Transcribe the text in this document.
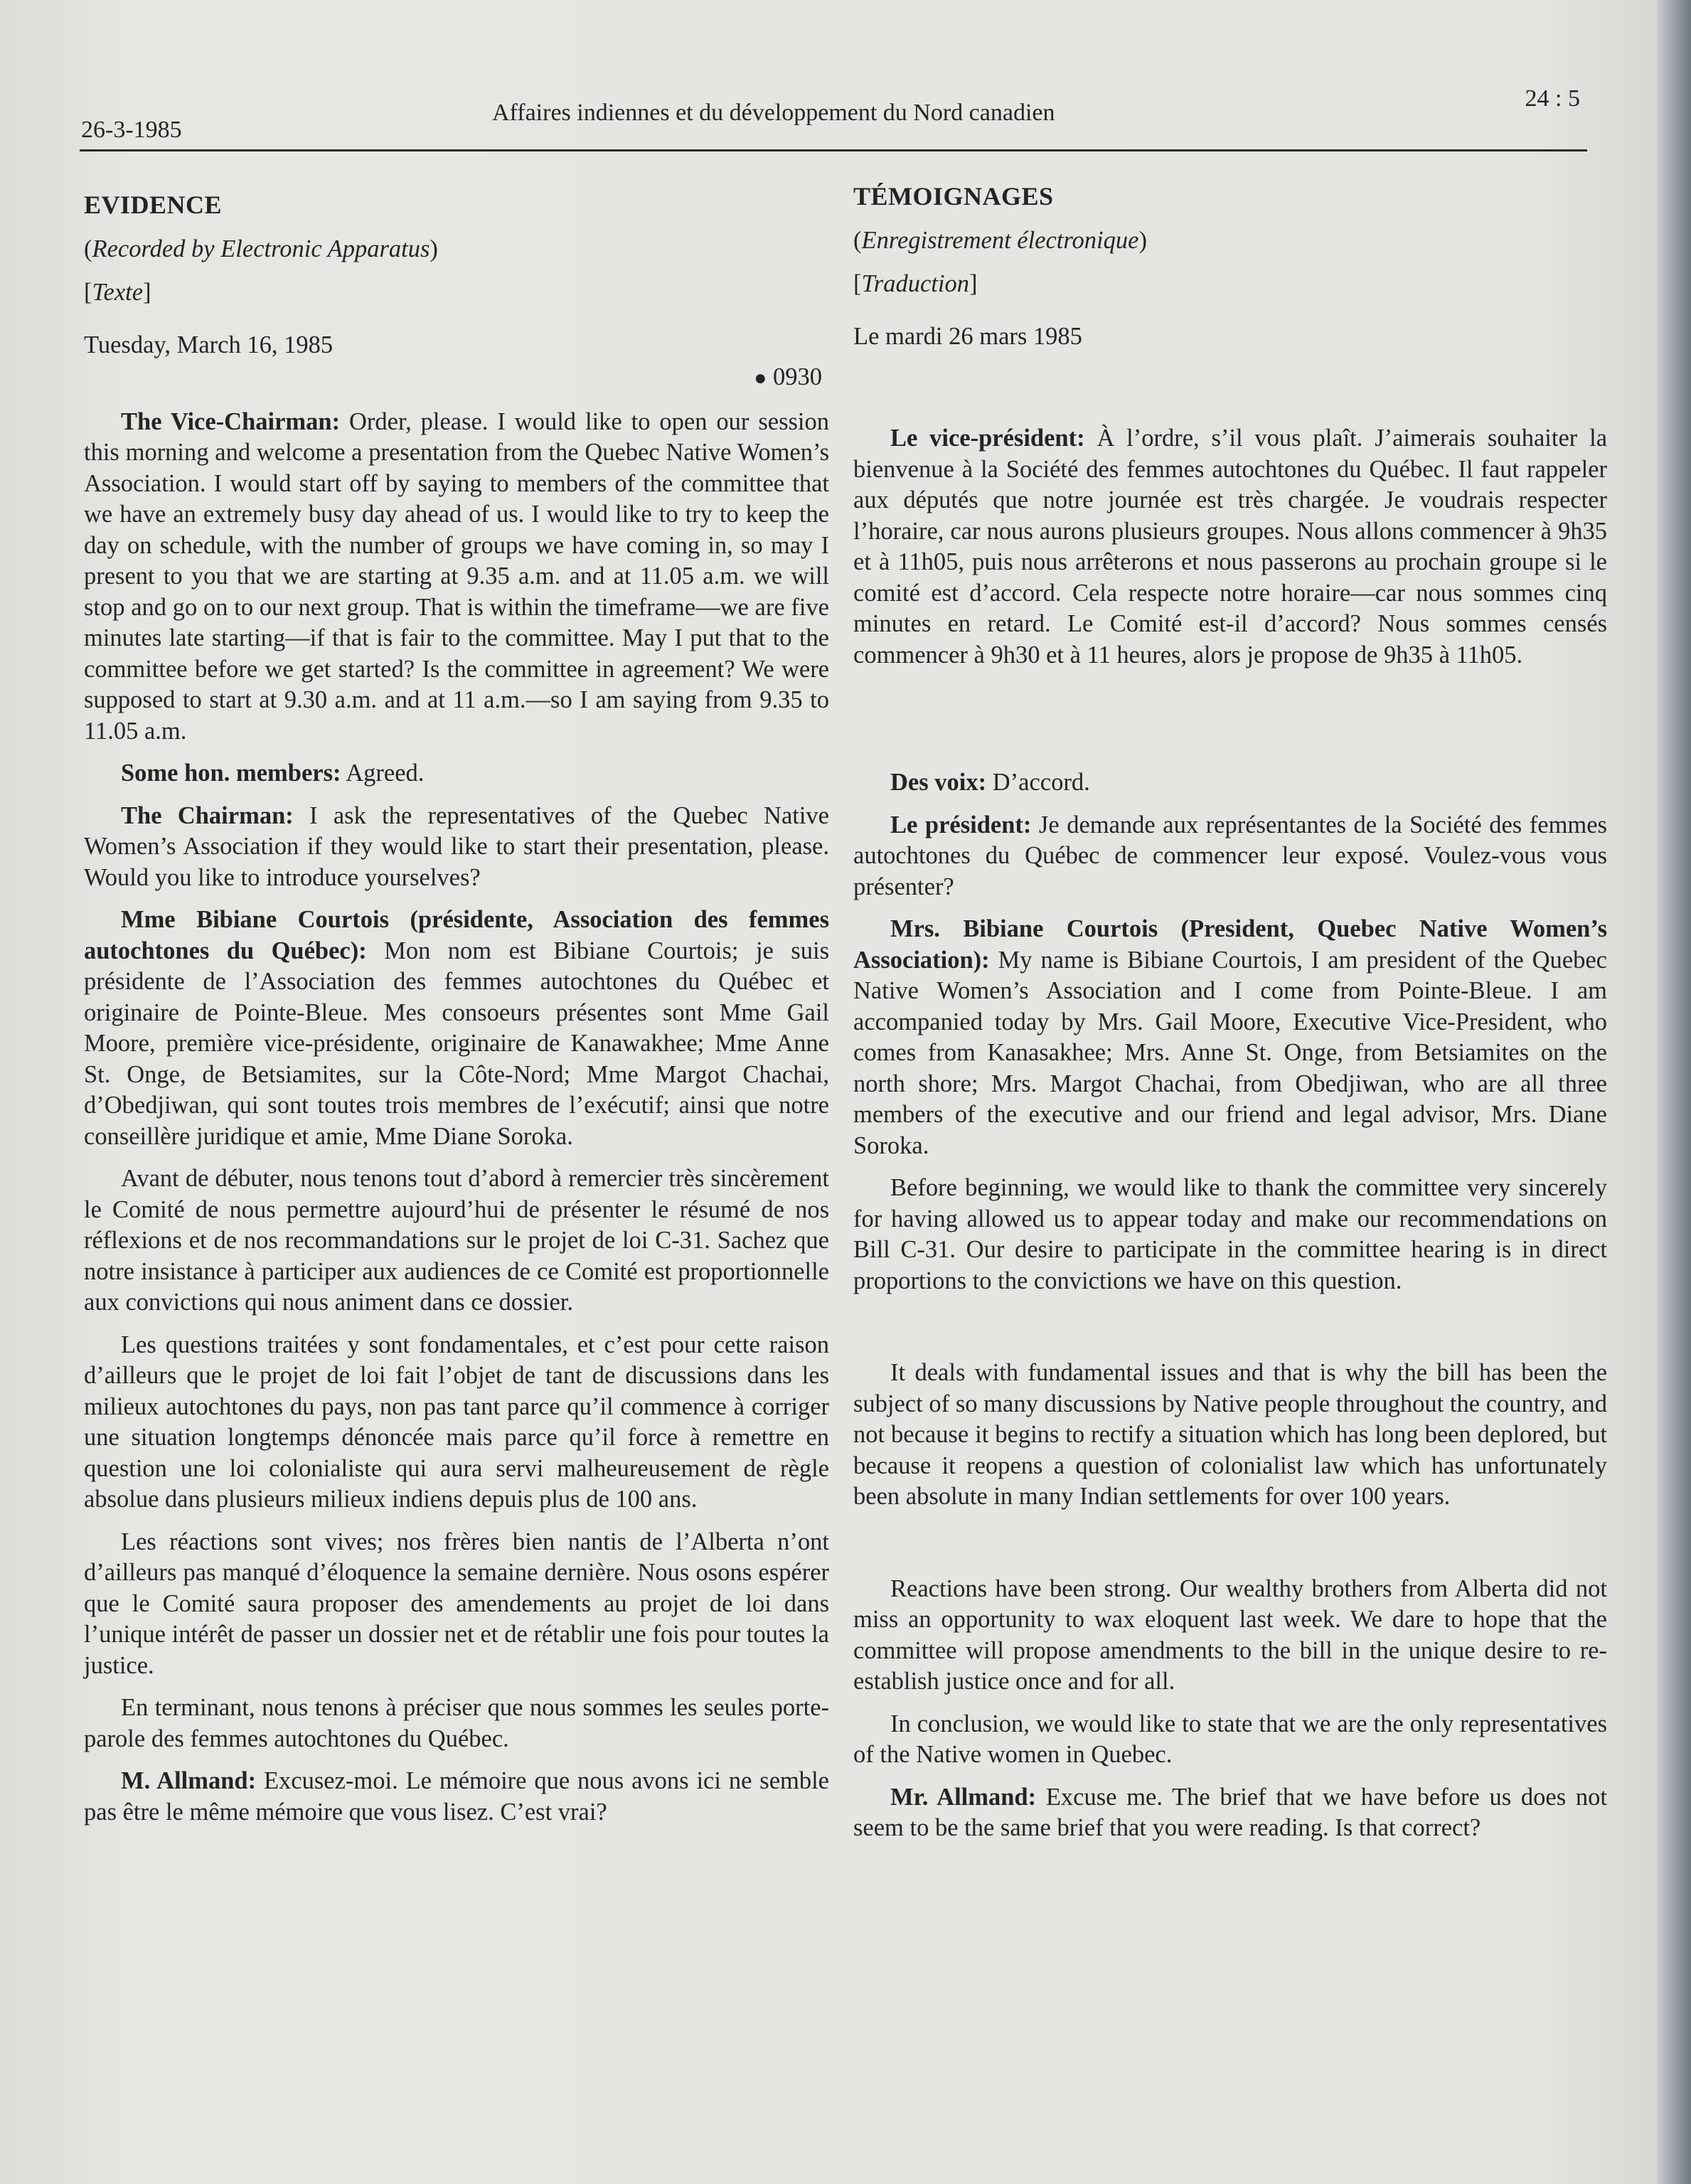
26-3-1985
Affaires indiennes et du développement du Nord canadien
24 : 5
EVIDENCE
(Recorded by Electronic Apparatus)
[Texte]
Tuesday, March 16, 1985
● 0930

The Vice-Chairman: Order, please. I would like to open our session this morning and welcome a presentation from the Quebec Native Women’s Association. I would start off by saying to members of the committee that we have an extremely busy day ahead of us. I would like to try to keep the day on schedule, with the number of groups we have coming in, so may I present to you that we are starting at 9.35 a.m. and at 11.05 a.m. we will stop and go on to our next group. That is within the timeframe—we are five minutes late starting—if that is fair to the committee. May I put that to the committee before we get started? Is the committee in agreement? We were supposed to start at 9.30 a.m. and at 11 a.m.—so I am saying from 9.35 to 11.05 a.m.

Some hon. members: Agreed.

The Chairman: I ask the representatives of the Quebec Native Women’s Association if they would like to start their presentation, please. Would you like to introduce yourselves?

Mme Bibiane Courtois (présidente, Association des femmes autochtones du Québec): Mon nom est Bibiane Courtois; je suis présidente de l’Association des femmes autochtones du Québec et originaire de Pointe-Bleue. Mes consoeurs présentes sont Mme Gail Moore, première vice-présidente, originaire de Kanawakhee; Mme Anne St. Onge, de Betsiamites, sur la Côte-Nord; Mme Margot Chachai, d’Obedjiwan, qui sont toutes trois membres de l’exécutif; ainsi que notre conseillère juridique et amie, Mme Diane Soroka.

Avant de débuter, nous tenons tout d’abord à remercier très sincèrement le Comité de nous permettre aujourd’hui de présenter le résumé de nos réflexions et de nos recommandations sur le projet de loi C-31. Sachez que notre insistance à participer aux audiences de ce Comité est proportionnelle aux convictions qui nous animent dans ce dossier.

Les questions traitées y sont fondamentales, et c’est pour cette raison d’ailleurs que le projet de loi fait l’objet de tant de discussions dans les milieux autochtones du pays, non pas tant parce qu’il commence à corriger une situation longtemps dénoncée mais parce qu’il force à remettre en question une loi colonialiste qui aura servi malheureusement de règle absolue dans plusieurs milieux indiens depuis plus de 100 ans.

Les réactions sont vives; nos frères bien nantis de l’Alberta n’ont d’ailleurs pas manqué d’éloquence la semaine dernière. Nous osons espérer que le Comité saura proposer des amendements au projet de loi dans l’unique intérêt de passer un dossier net et de rétablir une fois pour toutes la justice.

En terminant, nous tenons à préciser que nous sommes les seules porte-parole des femmes autochtones du Québec.

M. Allmand: Excusez-moi. Le mémoire que nous avons ici ne semble pas être le même mémoire que vous lisez. C’est vrai?

TÉMOIGNAGES
(Enregistrement électronique)
[Traduction]
Le mardi 26 mars 1985

Le vice-président: À l’ordre, s’il vous plaît. J’aimerais souhaiter la bienvenue à la Société des femmes autochtones du Québec. Il faut rappeler aux députés que notre journée est très chargée. Je voudrais respecter l’horaire, car nous aurons plusieurs groupes. Nous allons commencer à 9h35 et à 11h05, puis nous arrêterons et nous passerons au prochain groupe si le comité est d’accord. Cela respecte notre horaire—car nous sommes cinq minutes en retard. Le Comité est-il d’accord? Nous sommes censés commencer à 9h30 et à 11 heures, alors je propose de 9h35 à 11h05.

Des voix: D’accord.

Le président: Je demande aux représentantes de la Société des femmes autochtones du Québec de commencer leur exposé. Voulez-vous vous présenter?

Mrs. Bibiane Courtois (President, Quebec Native Women’s Association): My name is Bibiane Courtois, I am president of the Quebec Native Women’s Association and I come from Pointe-Bleue. I am accompanied today by Mrs. Gail Moore, Executive Vice-President, who comes from Kanasakhee; Mrs. Anne St. Onge, from Betsiamites on the north shore; Mrs. Margot Chachai, from Obedjiwan, who are all three members of the executive and our friend and legal advisor, Mrs. Diane Soroka.

Before beginning, we would like to thank the committee very sincerely for having allowed us to appear today and make our recommendations on Bill C-31. Our desire to participate in the committee hearing is in direct proportions to the convictions we have on this question.

It deals with fundamental issues and that is why the bill has been the subject of so many discussions by Native people throughout the country, and not because it begins to rectify a situation which has long been deplored, but because it reopens a question of colonialist law which has unfortunately been absolute in many Indian settlements for over 100 years.

Reactions have been strong. Our wealthy brothers from Alberta did not miss an opportunity to wax eloquent last week. We dare to hope that the committee will propose amendments to the bill in the unique desire to re-establish justice once and for all.

In conclusion, we would like to state that we are the only representatives of the Native women in Quebec.

Mr. Allmand: Excuse me. The brief that we have before us does not seem to be the same brief that you were reading. Is that correct?
